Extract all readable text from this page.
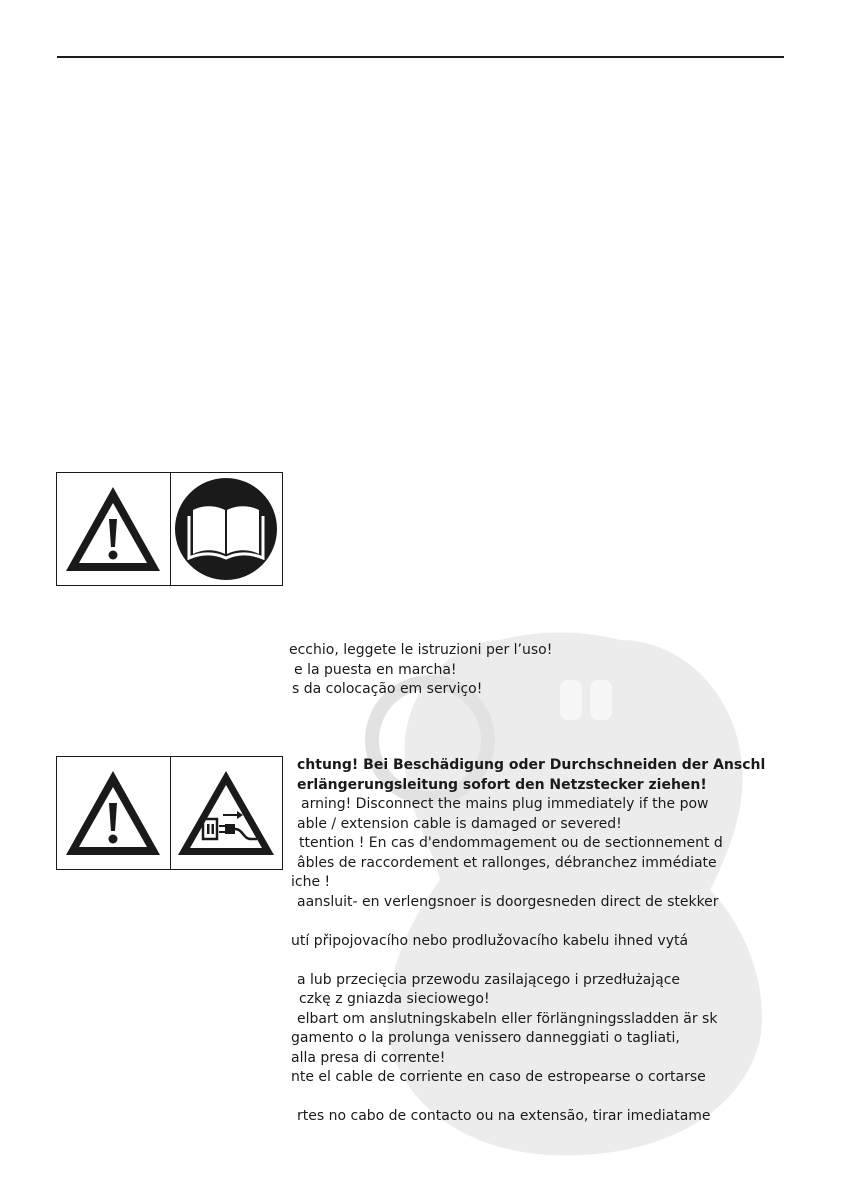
ecchio, leggete le istruzioni per l’uso!
e la puesta en marcha!
s da colocação em serviço!
chtung! Bei Beschädigung oder Durchschneiden der Anschl
erlängerungsleitung sofort den Netzstecker ziehen!
arning! Disconnect the mains plug immediately if the pow
able / extension cable is damaged or severed!
ttention ! En cas d'endommagement ou de sectionnement d
âbles de raccordement et rallonges, débranchez immédiate
iche !
aansluit- en verlengsnoer is doorgesneden direct de stekker
utí připojovacího nebo prodlužovacího kabelu ihned vytá
a lub przecięcia przewodu zasilającego i przedłużające
czkę z gniazda sieciowego!
elbart om anslutningskabeln eller förlängningssladden är sk
gamento o la prolunga venissero danneggiati o tagliati,
alla presa di corrente!
nte el cable de corriente en caso de estropearse o cortarse
rtes no cabo de contacto ou na extensão, tirar imediatame
